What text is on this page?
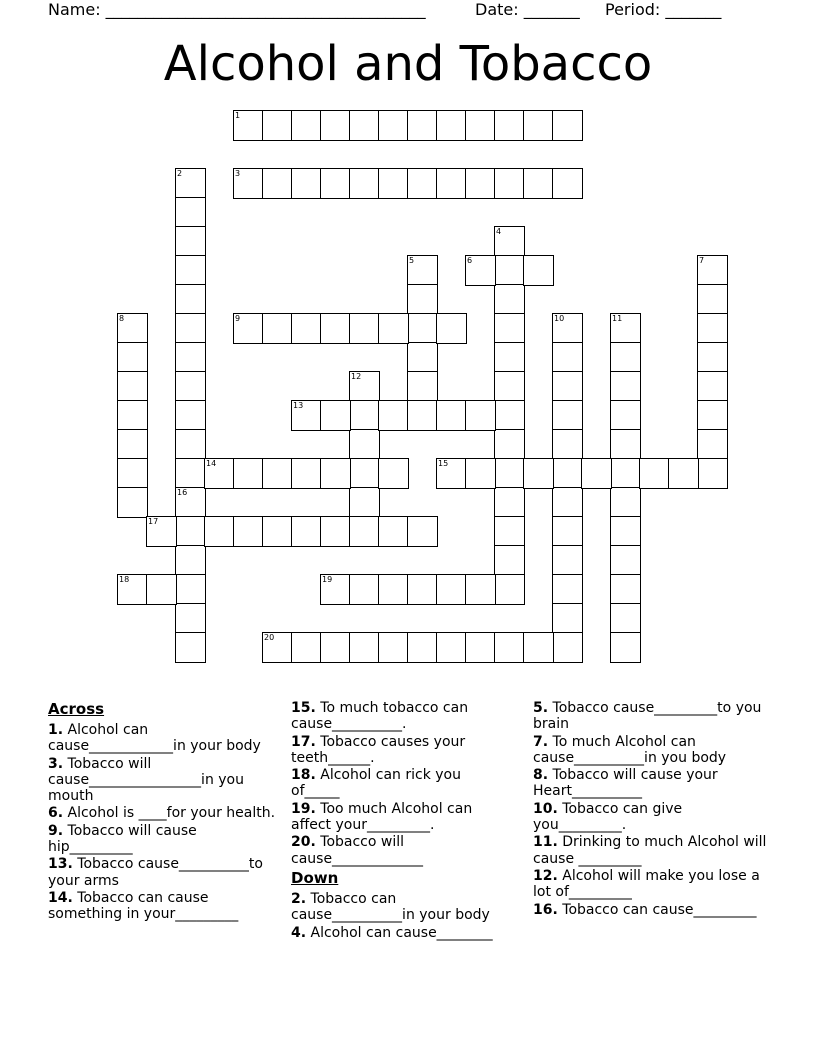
Name: ________________________________________	Date: _______ Period: _______
Alcohol and Tobacco
1
2
16
3
4
5	6	7
8	9	10	11
12
13
14	15
17
18	19
20
Across
1. Alcohol can cause____________in your body
3. Tobacco will cause________________in you mouth
6. Alcohol is ____for your health.
9. Tobacco will cause hip_________
13. Tobacco cause__________to your arms
14. Tobacco can cause something in your_________
15. To much tobacco can cause__________.
17. Tobacco causes your teeth______.
18. Alcohol can rick you of_____
19. Too much Alcohol can affect your_________.
20. Tobacco will cause_____________
Down
2. Tobacco can cause__________in your body
4. Alcohol can cause________
5. Tobacco cause_________to you brain
7. To much Alcohol can cause__________in you body
8. Tobacco will cause your Heart__________
10. Tobacco can give you_________.
11. Drinking to much Alcohol will cause _________
12. Alcohol will make you lose a lot of_________
16. Tobacco can cause_________
